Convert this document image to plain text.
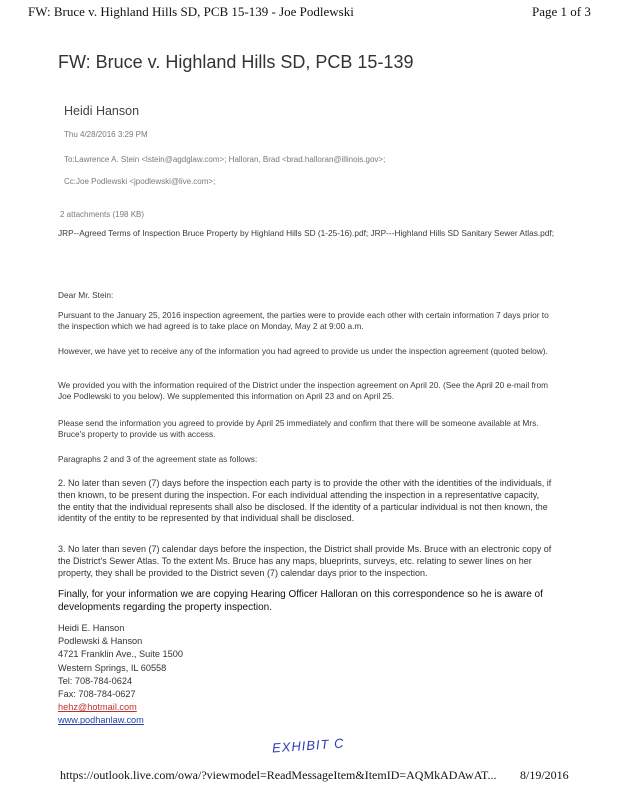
FW: Bruce v. Highland Hills SD, PCB 15-139 - Joe Podlewski	Page 1 of 3
FW: Bruce v. Highland Hills SD, PCB 15-139
Heidi Hanson
Thu 4/28/2016 3:29 PM
To:Lawrence A. Stein <lstein@agdglaw.com>; Halloran, Brad <brad.halloran@illinois.gov>;
Cc:Joe Podlewski <jpodlewski@live.com>;
2 attachments (198 KB)
JRP--Agreed Terms of Inspection Bruce Property by Highland Hills SD (1-25-16).pdf; JRP---Highland Hills SD Sanitary Sewer Atlas.pdf;
Dear Mr. Stein:
Pursuant to the January 25, 2016 inspection agreement, the parties were to provide each other with certain information 7 days prior to the inspection which we had agreed is to take place on Monday, May 2 at 9:00 a.m.
However, we have yet to receive any of the information you had agreed to provide us under the inspection agreement (quoted below).
We provided you with the information required of the District under the inspection agreement on April 20. (See the April 20 e-mail from Joe Podlewski to you below). We supplemented this information on April 23 and on April 25.
Please send the information you agreed to provide by April 25 immediately and confirm that there will be someone available at Mrs. Bruce's property to provide us with access.
Paragraphs 2 and 3 of the agreement state as follows:
2. No later than seven (7) days before the inspection each party is to provide the other with the identities of the individuals, if then known, to be present during the inspection. For each individual attending the inspection in a representative capacity, the entity that the individual represents shall also be disclosed. If the identity of a particular individual is not then known, the identity of the entity to be represented by that individual shall be disclosed.
3. No later than seven (7) calendar days before the inspection, the District shall provide Ms. Bruce with an electronic copy of the District's Sewer Atlas. To the extent Ms. Bruce has any maps, blueprints, surveys, etc. relating to sewer lines on her property, they shall be provided to the District seven (7) calendar days prior to the inspection.
Finally, for your information we are copying Hearing Officer Halloran on this correspondence so he is aware of developments regarding the property inspection.
Heidi E. Hanson
Podlewski & Hanson
4721 Franklin Ave., Suite 1500
Western Springs, IL 60558
Tel: 708-784-0624
Fax: 708-784-0627
hehz@hotmail.com
www.podhanlaw.com
EXHIBIT C
https://outlook.live.com/owa/?viewmodel=ReadMessageItem&ItemID=AQMkADAwAT... 8/19/2016
